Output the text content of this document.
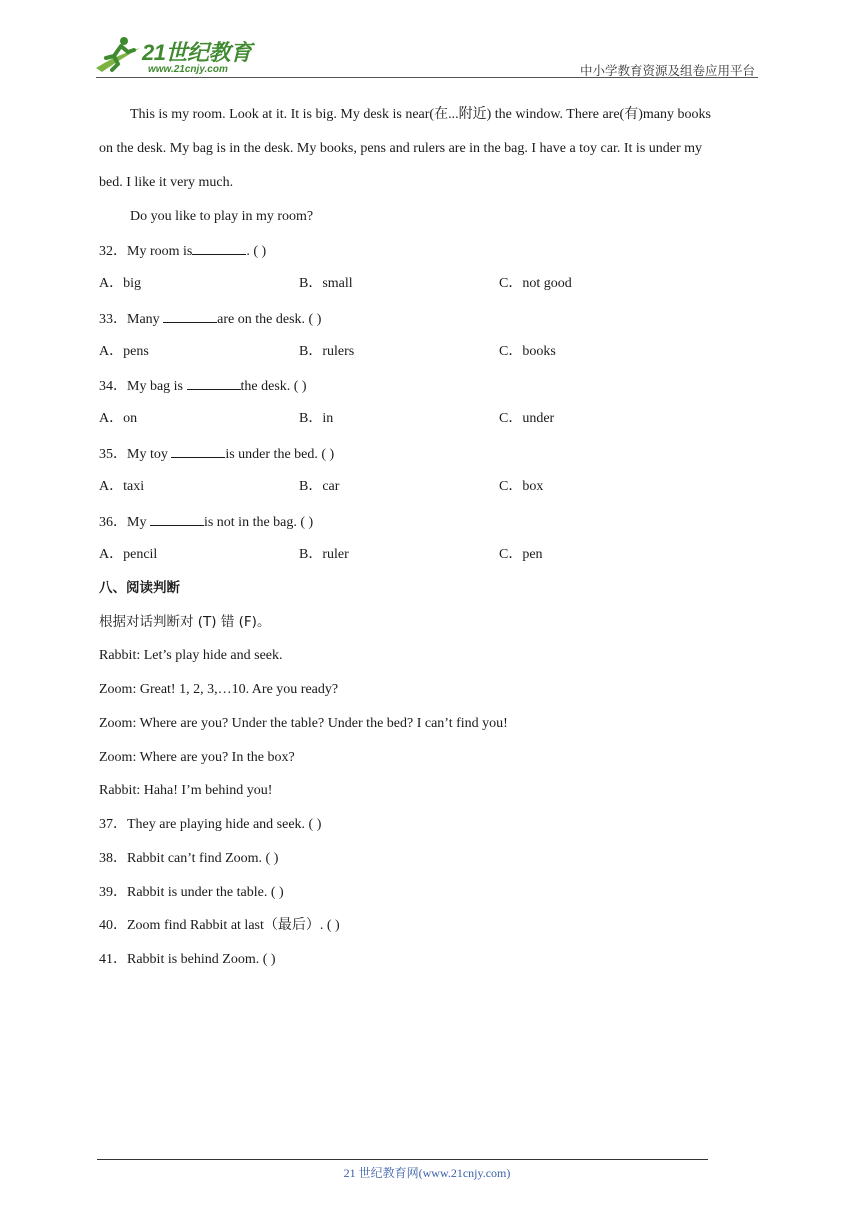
21世纪教育
www.21cnjy.com	中小学教育资源及组卷应用平台
This is my room. Look at it. It is big. My desk is near(在...附近) the window. There are(有)many books
on the desk. My bag is in the desk. My books, pens and rulers are in the bag. I have a toy car. It is under my
bed. I like it very much.
Do you like to play in my room?
32．My room is	. ( )
A．big	B．small	C．not good
33．Many	are on the desk. ( )
A．pens	B．rulers	C．books
34．My bag is	the desk. ( )
A．on	B．in	C．under
35．My toy	is under the bed. ( )
A．taxi	B．car	C．box
36．My	is not in the bag. ( )
A．pencil	B．ruler	C．pen
八、阅读判断
根据对话判断对 (T) 错 (F)。
Rabbit: Let’s play hide and seek.
Zoom: Great! 1, 2, 3,…10. Are you ready?
Zoom: Where are you? Under the table? Under the bed? I can’t find you!
Zoom: Where are you? In the box?
Rabbit: Haha! I’m behind you!
37．They are playing hide and seek. ( )
38．Rabbit can’t find Zoom. ( )
39．Rabbit is under the table. ( )
40．Zoom find Rabbit at last（最后）. ( )
41．Rabbit is behind Zoom. ( )
21 世纪教育网(www.21cnjy.com)
